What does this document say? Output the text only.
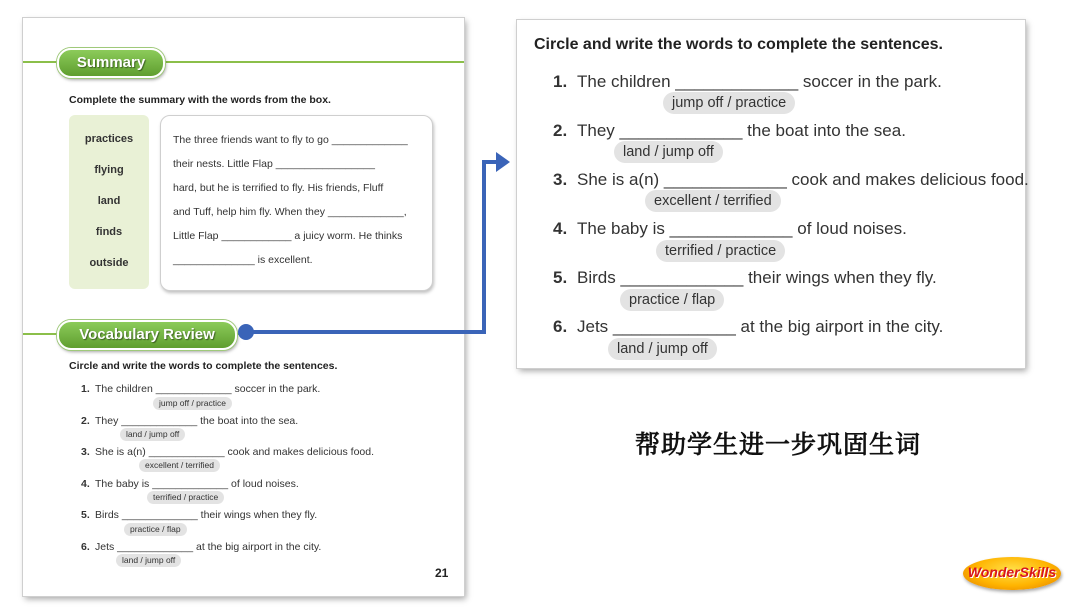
Summary
Complete the summary with the words from the box.
practices
flying
land
finds
outside
The three friends want to fly to go _____________
their nests. Little Flap _________________
hard, but he is terrified to fly. His friends, Fluff
and Tuff, help him fly. When they _____________,
Little Flap ____________ a juicy worm. He thinks
______________ is excellent.
Vocabulary Review
Circle and write the words to complete the sentences.
1. The children _____________ soccer in the park.
jump off / practice
2. They _____________ the boat into the sea.
land / jump off
3. She is a(n) _____________ cook and makes delicious food.
excellent / terrified
4. The baby is _____________ of loud noises.
terrified / practice
5. Birds _____________ their wings when they fly.
practice / flap
6. Jets _____________ at the big airport in the city.
land / jump off
21
Circle and write the words to complete the sentences.
1. The children _____________ soccer in the park.
jump off / practice
2. They _____________ the boat into the sea.
land / jump off
3. She is a(n) _____________ cook and makes delicious food.
excellent / terrified
4. The baby is _____________ of loud noises.
terrified / practice
5. Birds _____________ their wings when they fly.
practice / flap
6. Jets _____________ at the big airport in the city.
land / jump off
帮助学生进一步巩固生词
WonderSkills
